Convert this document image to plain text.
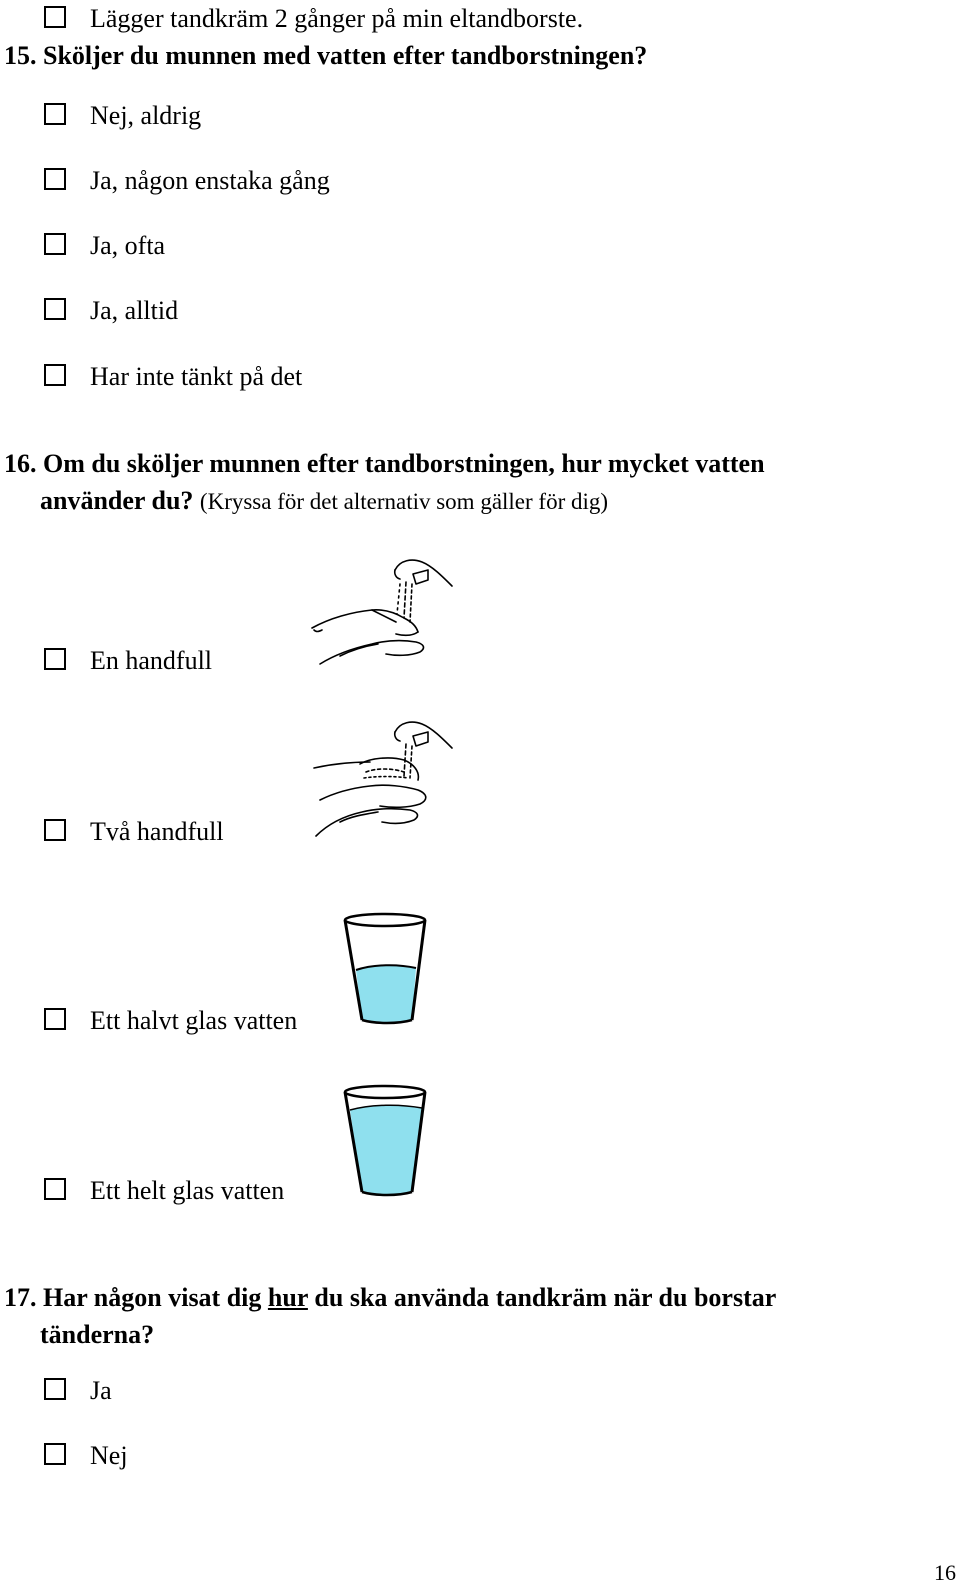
Lägger tandkräm 2 gånger på min eltandborste.
15. Sköljer du munnen med vatten efter tandborstningen?
Nej, aldrig
Ja, någon enstaka gång
Ja, ofta
Ja, alltid
Har inte tänkt på det
16. Om du sköljer munnen efter tandborstningen, hur mycket vatten
använder du? (Kryssa för det alternativ som gäller för dig)
En handfull
Två handfull
Ett halvt glas vatten
Ett helt glas vatten
17. Har någon visat dig hur du ska använda tandkräm när du borstar
tänderna?
Ja
Nej
16
